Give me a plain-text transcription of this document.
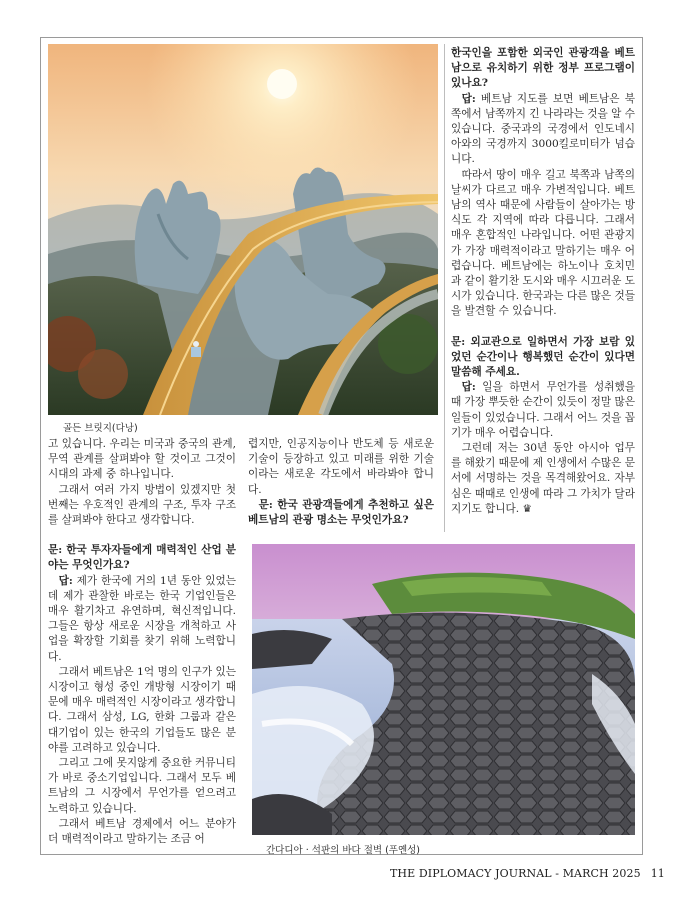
골든 브릿지(다낭)

한국인을 포함한 외국인 관광객을 베트남으로 유치하기 위한 정부 프로그램이 있나요?

답: 베트남 지도를 보면 베트남은 북쪽에서 남쪽까지 긴 나라라는 것을 알 수 있습니다. 중국과의 국경에서 인도네시아와의 국경까지 3000킬로미터가 넘습니다.

따라서 땅이 매우 길고 북쪽과 남쪽의 날씨가 다르고 매우 가변적입니다. 베트남의 역사 때문에 사람들이 살아가는 방식도 각 지역에 따라 다릅니다. 그래서 매우 혼합적인 나라입니다. 어떤 관광지가 가장 매력적이라고 말하기는 매우 어렵습니다. 베트남에는 하노이나 호치민과 같이 활기찬 도시와 매우 시끄러운 도시가 있습니다. 한국과는 다른 많은 것들을 발견할 수 있습니다.

문: 외교관으로 일하면서 가장 보람 있었던 순간이나 행복했던 순간이 있다면 말씀해 주세요.

답: 일을 하면서 무언가를 성취했을 때 가장 뿌듯한 순간이 있듯이 정말 많은 일들이 있었습니다. 그래서 어느 것을 꼽기가 매우 어렵습니다.

그런데 저는 30년 동안 아시아 업무를 해왔기 때문에 제 인생에서 수많은 문서에 서명하는 것을 목격해왔어요. 자부심은 때때로 인생에 따라 그 가치가 달라지기도 합니다. ♛

고 있습니다. 우리는 미국과 중국의 관계, 무역 관계를 살펴봐야 할 것이고 그것이 시대의 과제 중 하나입니다.

그래서 여러 가지 방법이 있겠지만 첫 번째는 우호적인 관계의 구조, 투자 구조를 살펴봐야 한다고 생각합니다.

문: 한국 투자자들에게 매력적인 산업 분야는 무엇인가요?

답: 제가 한국에 거의 1년 동안 있었는데 제가 관찰한 바로는 한국 기업인들은 매우 활기차고 유연하며, 혁신적입니다. 그들은 항상 새로운 시장을 개척하고 사업을 확장할 기회를 찾기 위해 노력합니다.

그래서 베트남은 1억 명의 인구가 있는 시장이고 형성 중인 개방형 시장이기 때문에 매우 매력적인 시장이라고 생각합니다. 그래서 삼성, LG, 한화 그룹과 같은 대기업이 있는 한국의 기업들도 많은 분야를 고려하고 있습니다.

그리고 그에 못지않게 중요한 커뮤니티가 바로 중소기업입니다. 그래서 모두 베트남의 그 시장에서 무언가를 얻으려고 노력하고 있습니다.

그래서 베트남 경제에서 어느 분야가 더 매력적이라고 말하기는 조금 어

렵지만, 인공지능이나 반도체 등 새로운 기술이 등장하고 있고 미래를 위한 기술이라는 새로운 각도에서 바라봐야 합니다.

문: 한국 관광객들에게 추천하고 싶은 베트남의 관광 명소는 무엇인가요?

간다디아 · 석판의 바다 절벽 (푸옌성)
THE DIPLOMACY JOURNAL - MARCH 2025 11
